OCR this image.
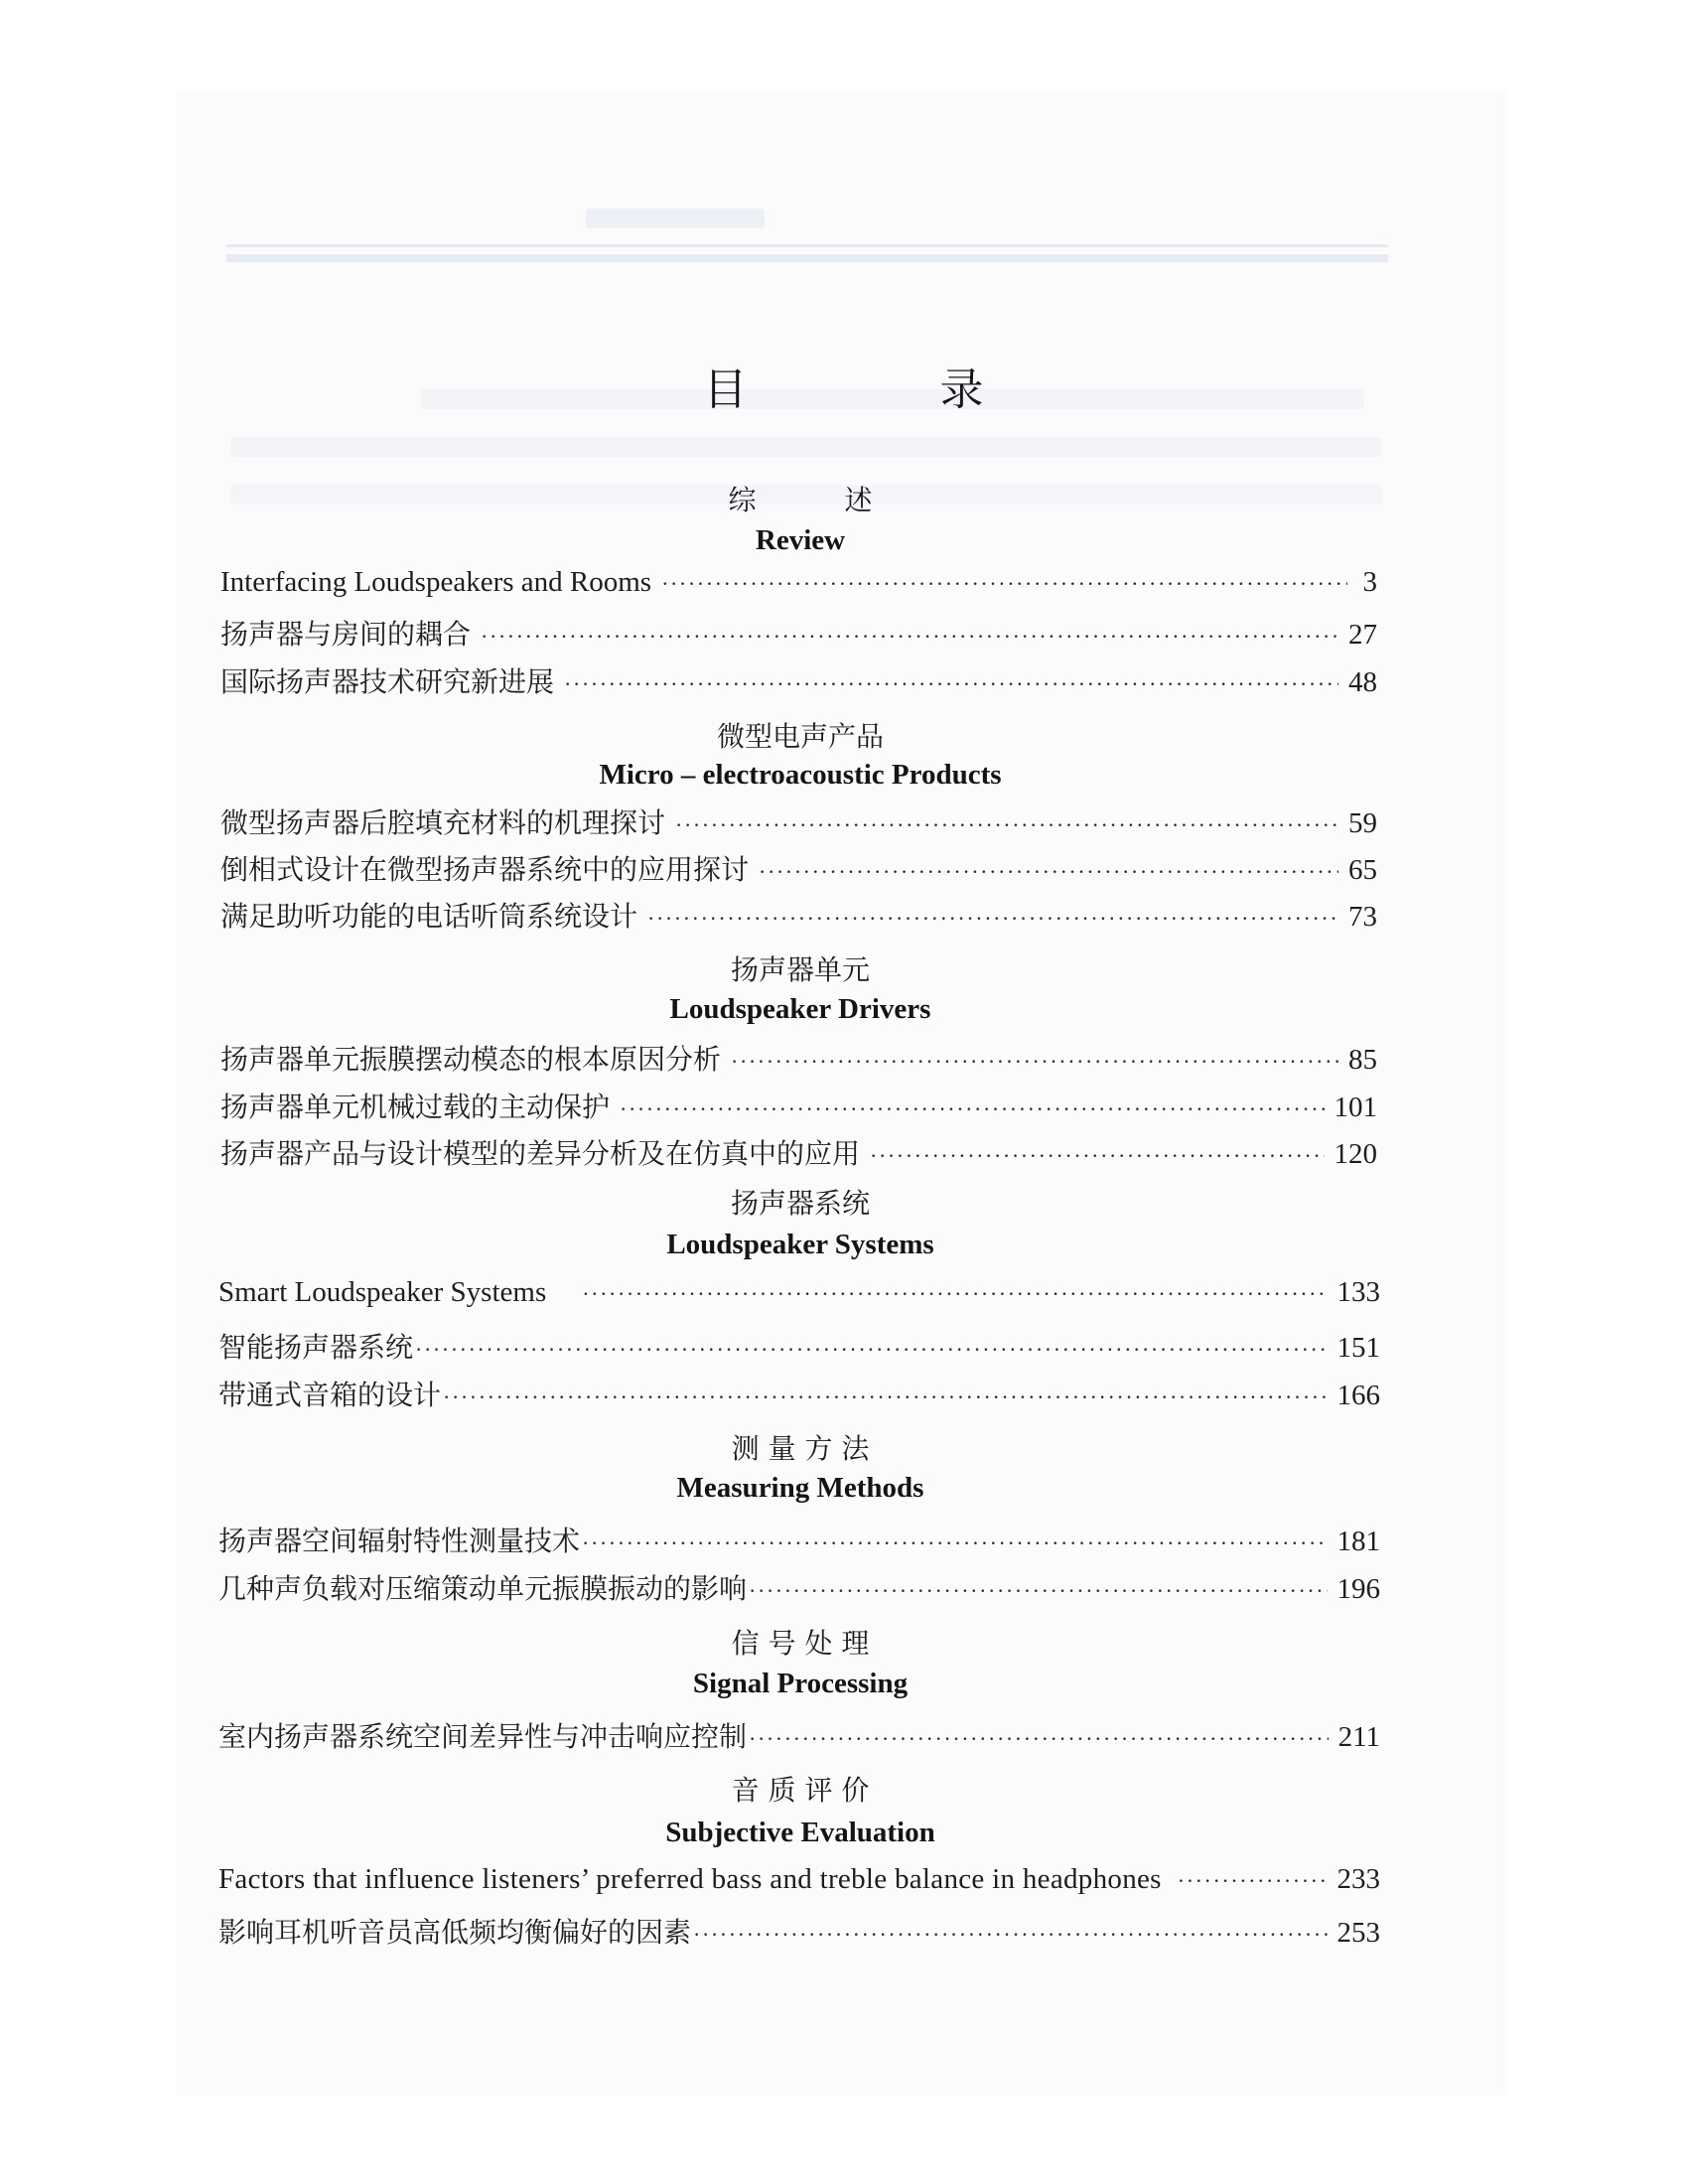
目 录
综 述
Review
Interfacing Loudspeakers and Rooms ·····	3
扬声器与房间的耦合 ·····	27
国际扬声器技术研究新进展 ·····	48
微型电声产品
Micro – electroacoustic Products
微型扬声器后腔填充材料的机理探讨 ·····	59
倒相式设计在微型扬声器系统中的应用探讨 ·····	65
满足助听功能的电话听筒系统设计 ·····	73
扬声器单元
Loudspeaker Drivers
扬声器单元振膜摆动模态的根本原因分析 ·····	85
扬声器单元机械过载的主动保护 ·····	101
扬声器产品与设计模型的差异分析及在仿真中的应用 ·····	120
扬声器系统
Loudspeaker Systems
Smart Loudspeaker Systems ·····	133
智能扬声器系统 ·····	151
带通式音箱的设计 ·····	166
测 量 方 法
Measuring Methods
扬声器空间辐射特性测量技术 ·····	181
几种声负载对压缩策动单元振膜振动的影响 ·····	196
信 号 处 理
Signal Processing
室内扬声器系统空间差异性与冲击响应控制 ·····	211
音 质 评 价
Subjective Evaluation
Factors that influence listeners’ preferred bass and treble balance in headphones ·····	233
影响耳机听音员高低频均衡偏好的因素 ·····	253
